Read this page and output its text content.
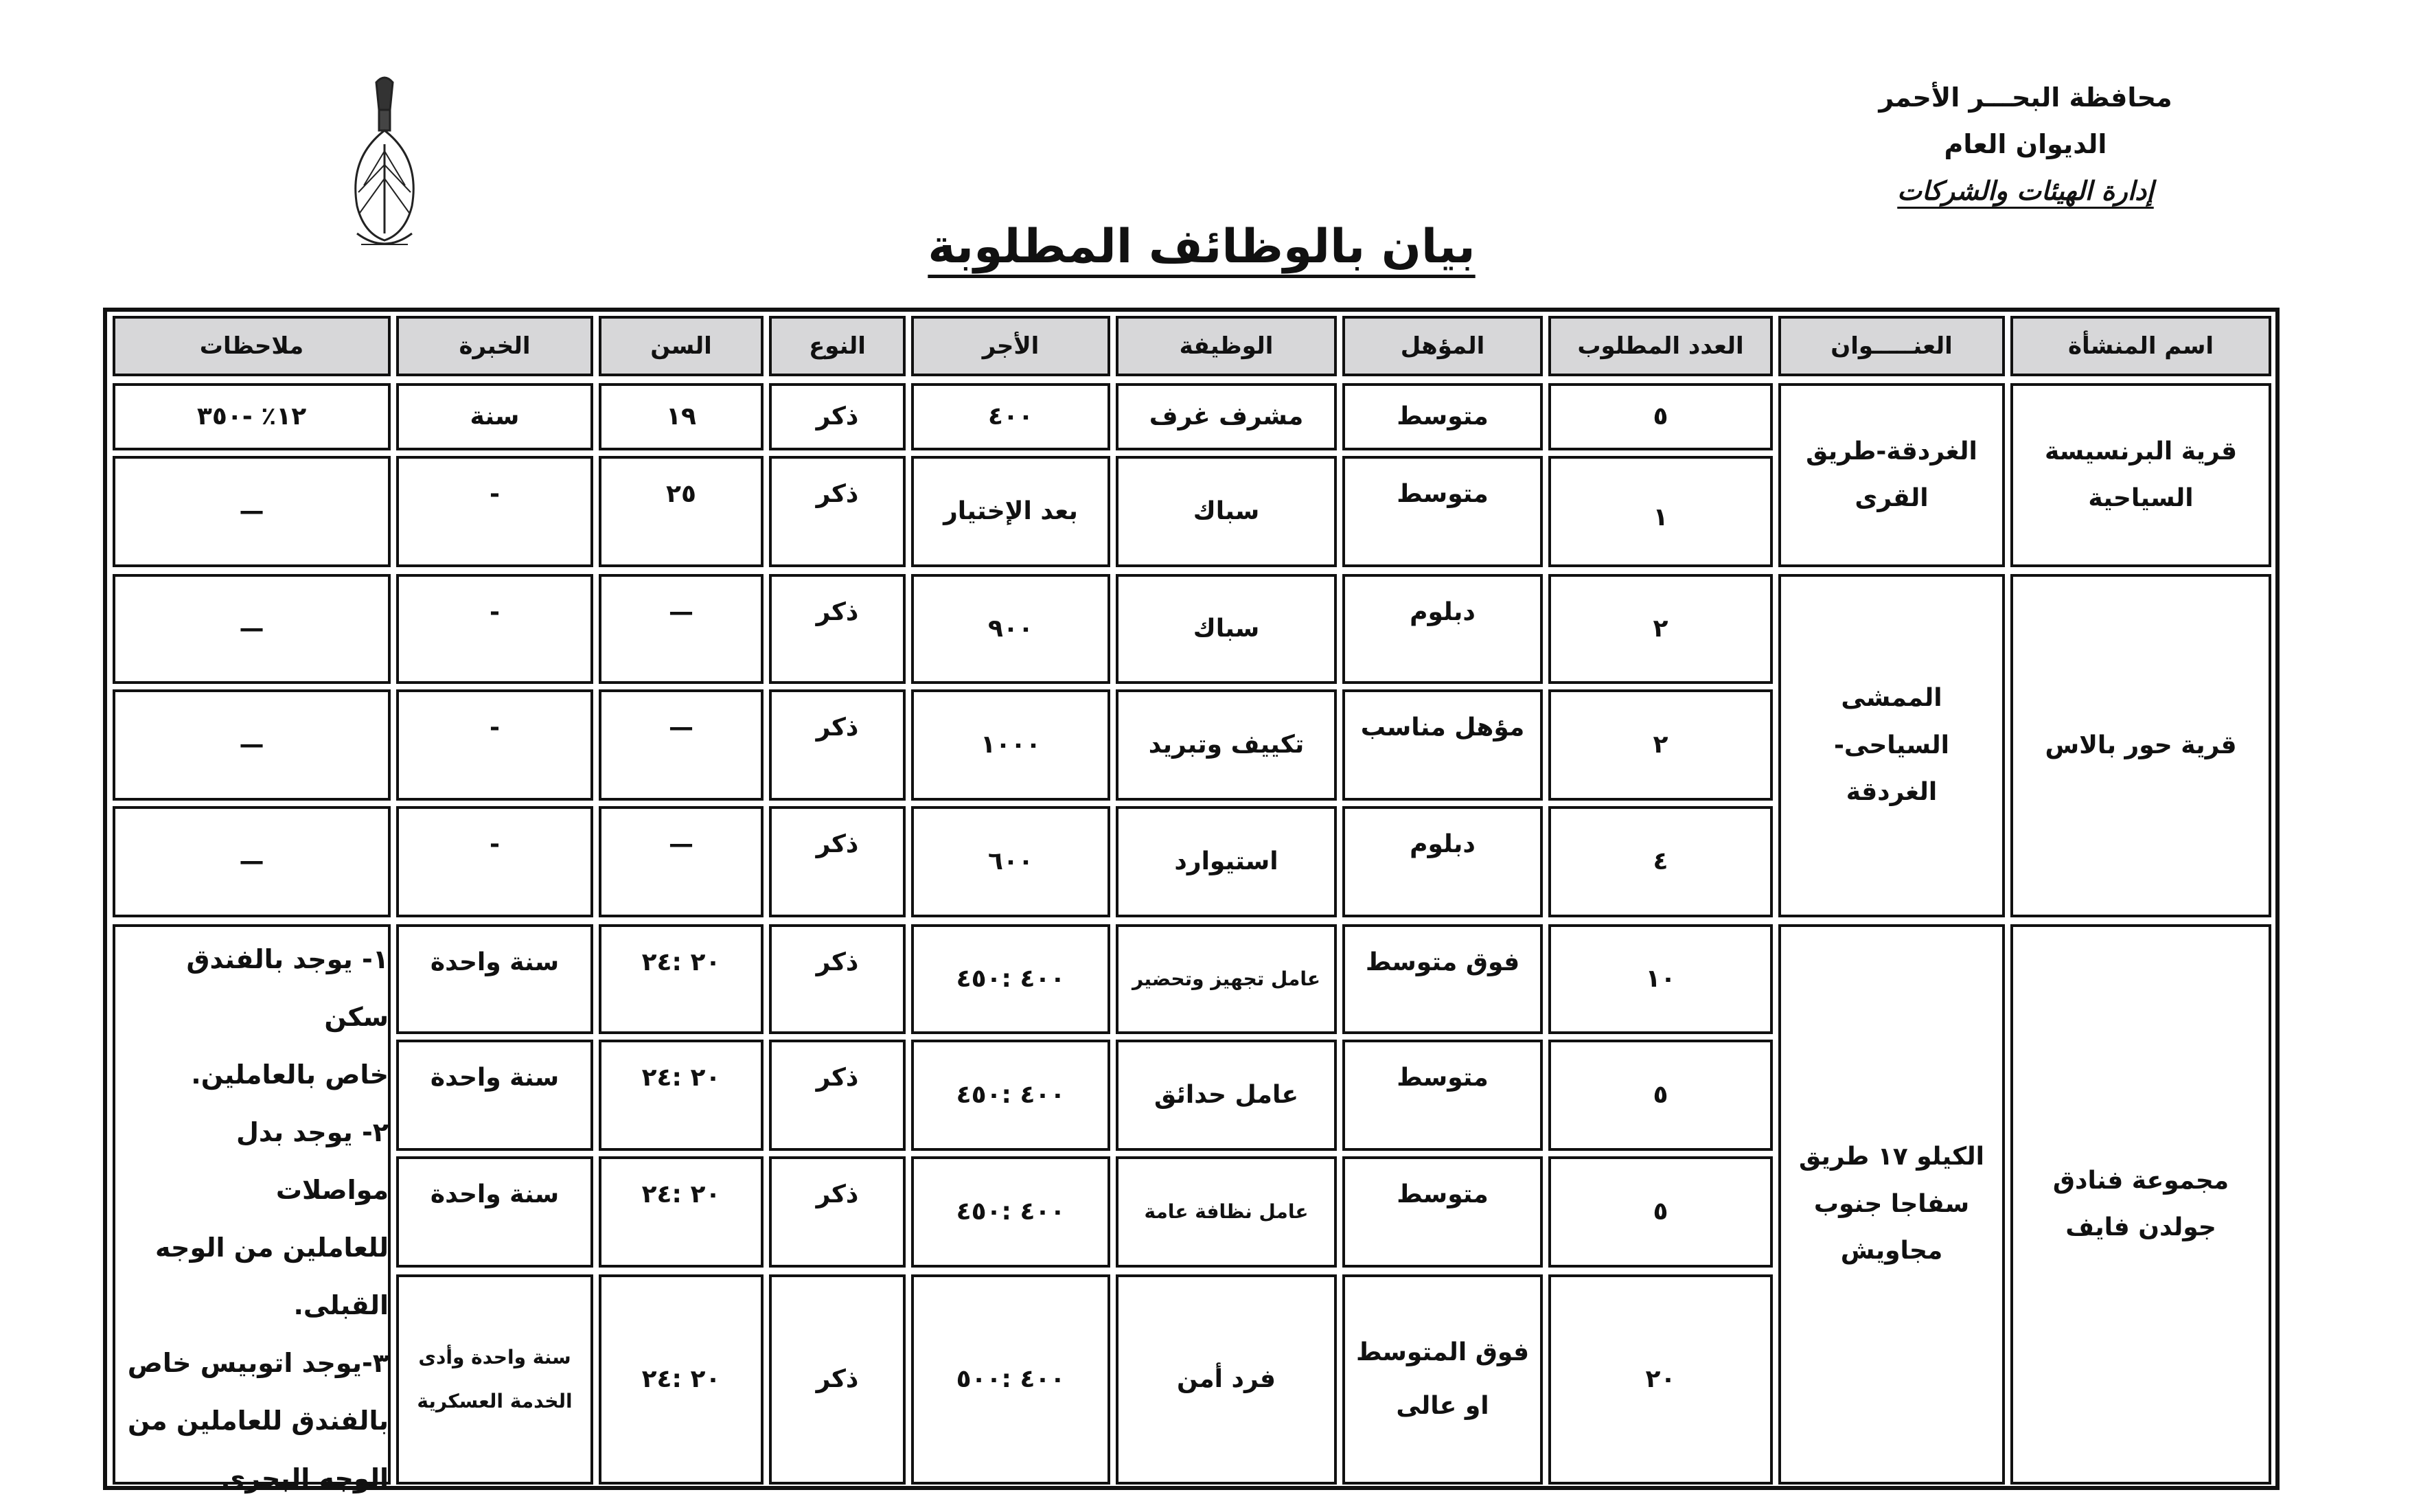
محافظة البحـــر الأحمر
الديوان العام
إدارة الهيئات والشركات
بيان بالوظائف المطلوبة
اسم المنشأة
العنـــــوان
العدد المطلوب
المؤهل
الوظيفة
الأجر
النوع
السن
الخبرة
ملاحظات
قرية البرنسيسة السياحية
الغردقة-طريق القرى
٥
متوسط
مشرف غرف
٤٠٠
ذكر
١٩
سنة
١٢٪ -٣٥٠
١
متوسط
سباك
بعد الإختيار
ذكر
٢٥
-
—
قرية حور بالاس
الممشى السياحى- الغردقة
٢
دبلوم
سباك
٩٠٠
ذكر
—
-
—
٢
مؤهل مناسب
تكييف وتبريد
١٠٠٠
ذكر
—
-
—
٤
دبلوم
استيوارد
٦٠٠
ذكر
—
-
—
مجموعة فنادق جولدن فايف
الكيلو ١٧ طريق سفاجا جنوب مجاويش
١- يوجد بالفندق سكن
خاص بالعاملين.
٢- يوجد بدل مواصلات
للعاملين من الوجه
القبلى.
٣-يوجد اتوبيس خاص
بالفندق للعاملين من
الوجه البحرى
١٠
فوق متوسط
عامل تجهيز وتحضير
٤٠٠ :٤٥٠
ذكر
٢٠ :٢٤
سنة واحدة
٥
متوسط
عامل حدائق
٤٠٠ :٤٥٠
ذكر
٢٠ :٢٤
سنة واحدة
٥
متوسط
عامل نظافة عامة
٤٠٠ :٤٥٠
ذكر
٢٠ :٢٤
سنة واحدة
٢٠
فوق المتوسط او عالى
فرد أمن
٤٠٠ :٥٠٠
ذكر
٢٠ :٢٤
سنة واحدة وأدى الخدمة العسكرية
